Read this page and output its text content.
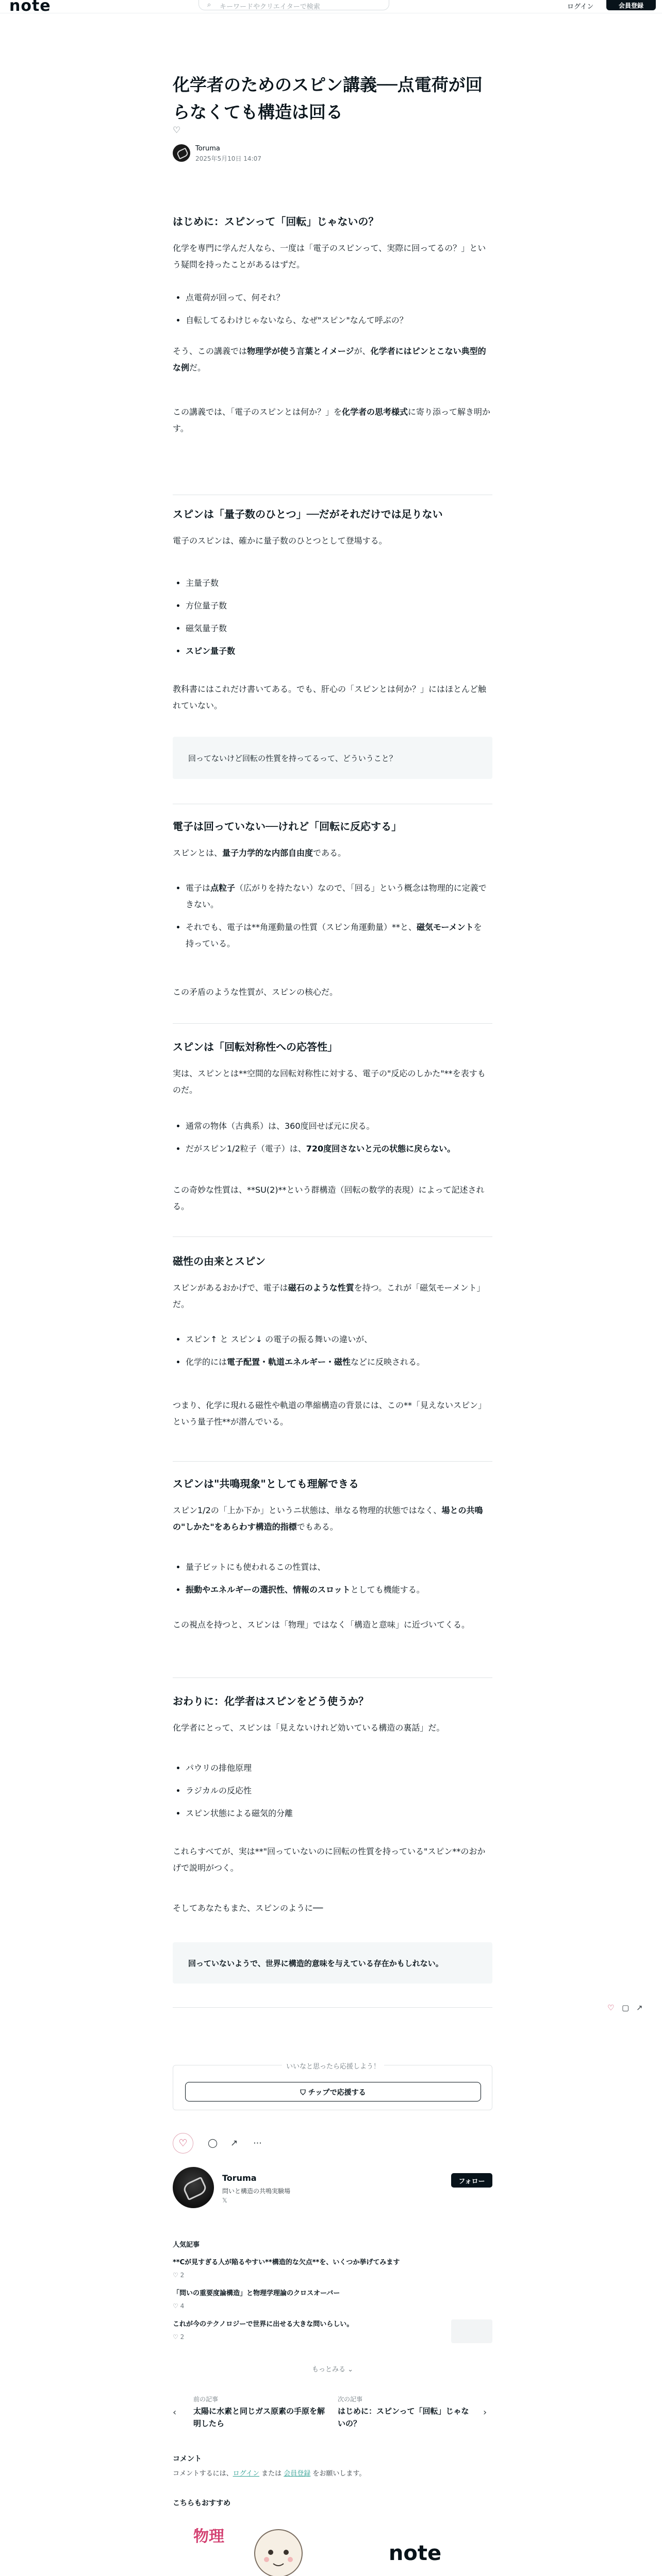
note	⌕ キーワードやクリエイターで検索	ログイン	会員登録
化学者のためのスピン講義──点電荷が回らなくても構造は回る
♡
Toruma
2025年5月10日 14:07
はじめに：スピンって「回転」じゃないの？
化学を専門に学んだ人なら、一度は「電子のスピンって、実際に回ってるの？」という疑問を持ったことがあるはずだ。
• 点電荷が回って、何それ？
• 自転してるわけじゃないなら、なぜ"スピン"なんて呼ぶの？
そう、この講義では物理学が使う言葉とイメージが、化学者にはピンとこない典型的な例だ。
この講義では、「電子のスピンとは何か？」を化学者の思考様式に寄り添って解き明かす。
スピンは「量子数のひとつ」──だがそれだけでは足りない
電子のスピンは、確かに量子数のひとつとして登場する。
• 主量子数
• 方位量子数
• 磁気量子数
• スピン量子数
教科書にはこれだけ書いてある。でも、肝心の「スピンとは何か？」にはほとんど触れていない。
回ってないけど回転の性質を持ってるって、どういうこと？
電子は回っていない──けれど「回転に反応する」
スピンとは、量子力学的な内部自由度である。
• 電子は点粒子（広がりを持たない）なので、「回る」という概念は物理的に定義できない。
• それでも、電子は**角運動量の性質（スピン角運動量）**と、磁気モーメントを持っている。
この矛盾のような性質が、スピンの核心だ。
スピンは「回転対称性への応答性」
実は、スピンとは**空間的な回転対称性に対する、電子の"反応のしかた"**を表すものだ。
• 通常の物体（古典系）は、360度回せば元に戻る。
• だがスピン1/2粒子（電子）は、720度回さないと元の状態に戻らない。
この奇妙な性質は、**SU(2)**という群構造（回転の数学的表現）によって記述される。
磁性の由来とスピン
スピンがあるおかげで、電子は磁石のような性質を持つ。これが「磁気モーメント」だ。
• スピン↑ と スピン↓ の電子の振る舞いの違いが、
• 化学的には電子配置・軌道エネルギー・磁性などに反映される。
つまり、化学に現れる磁性や軌道の準縮構造の背景には、この**「見えないスピン」という量子性**が潜んでいる。
スピンは"共鳴現象"としても理解できる
スピン1/2の「上か下か」というニ状態は、単なる物理的状態ではなく、場との共鳴の"しかた"をあらわす構造的指標でもある。
• 量子ビットにも使われるこの性質は、
• 振動やエネルギーの選択性、情報のスロットとしても機能する。
この視点を持つと、スピンは「物理」ではなく「構造と意味」に近づいてくる。
おわりに：化学者はスピンをどう使うか？
化学者にとって、スピンは「見えないけれど効いている構造の裏話」だ。
• パウリの排他原理
• ラジカルの反応性
• スピン状態による磁気的分離
これらすべてが、実は**"回っていないのに回転の性質を持っている"スピン**のおかげで説明がつく。
そしてあなたもまた、スピンのように──
回っていないようで、世界に構造的意味を与えている存在かもしれない。
♡ ▢ ↗
いいなと思ったら応援しよう！
⛉ チップで応援する
♡	◯ ↗ ⋯
Toruma
問いと構造の共鳴実験場
𝕏
フォロー
人気記事
**Cが見すぎる人が陥るやすい**構造的な欠点**を、いくつか挙げてみます
♡ 2
「問いの重要度論構造」と物理学理論のクロスオーバー
♡ 4
これが今のテクノロジーで世界に出せる大きな問いらしい。
♡ 2
もっとみる ⌄
‹
前の記事
太陽に水素と同じガス原素の手原を解明したら
次の記事
はじめに：スピンって「回転」じゃないの？
›
コメント
コメントするには、ログイン または 会員登録 をお願いします。
こちらもおすすめ
物理
note
